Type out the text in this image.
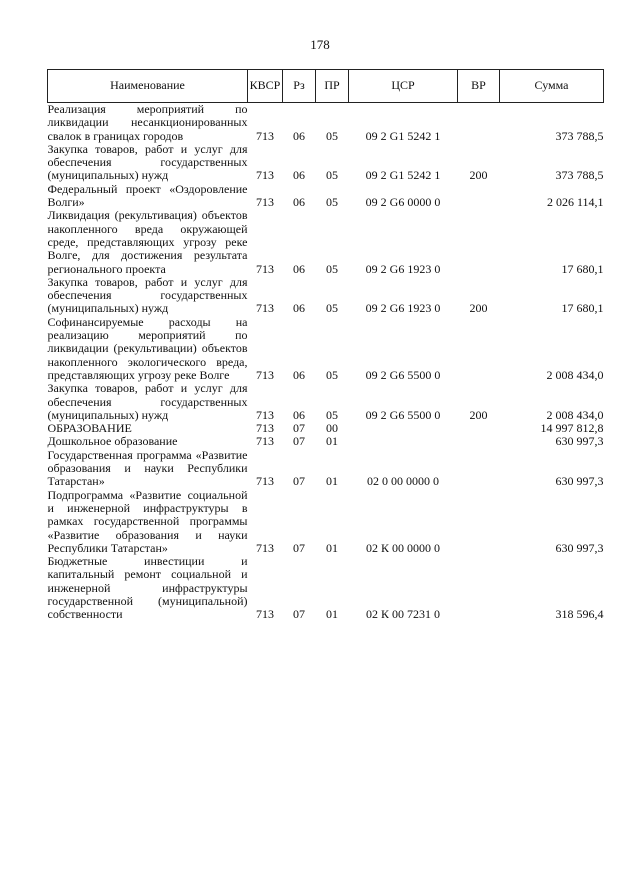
178
Наименование	КВСР	Рз	ПР	ЦСР	ВР	Сумма
Реализация мероприятий по ликвидации несанкционированных свалок в границах городов	713	06	05	09 2 G1 5242 1		373 788,5
Закупка товаров, работ и услуг для обеспечения государственных (муниципальных) нужд	713	06	05	09 2 G1 5242 1	200	373 788,5
Федеральный проект «Оздоровление Волги»	713	06	05	09 2 G6 0000 0		2 026 114,1
Ликвидация (рекультивация) объектов накопленного вреда окружающей среде, представляющих угрозу реке Волге, для достижения результата регионального проекта	713	06	05	09 2 G6 1923 0		17 680,1
Закупка товаров, работ и услуг для обеспечения государственных (муниципальных) нужд	713	06	05	09 2 G6 1923 0	200	17 680,1
Софинансируемые расходы на реализацию мероприятий по ликвидации (рекультивации) объектов накопленного экологического вреда, представляющих угрозу реке Волге	713	06	05	09 2 G6 5500 0		2 008 434,0
Закупка товаров, работ и услуг для обеспечения государственных (муниципальных) нужд	713	06	05	09 2 G6 5500 0	200	2 008 434,0
ОБРАЗОВАНИЕ	713	07	00			14 997 812,8
Дошкольное образование	713	07	01			630 997,3
Государственная программа «Развитие образования и науки Республики Татарстан»	713	07	01	02 0 00 0000 0		630 997,3
Подпрограмма «Развитие социальной и инженерной инфраструктуры в рамках государственной программы «Развитие образования и науки Республики Татарстан»	713	07	01	02 К 00 0000 0		630 997,3
Бюджетные инвестиции и капитальный ремонт социальной и инженерной инфраструктуры государственной (муниципальной) собственности	713	07	01	02 К 00 7231 0		318 596,4
